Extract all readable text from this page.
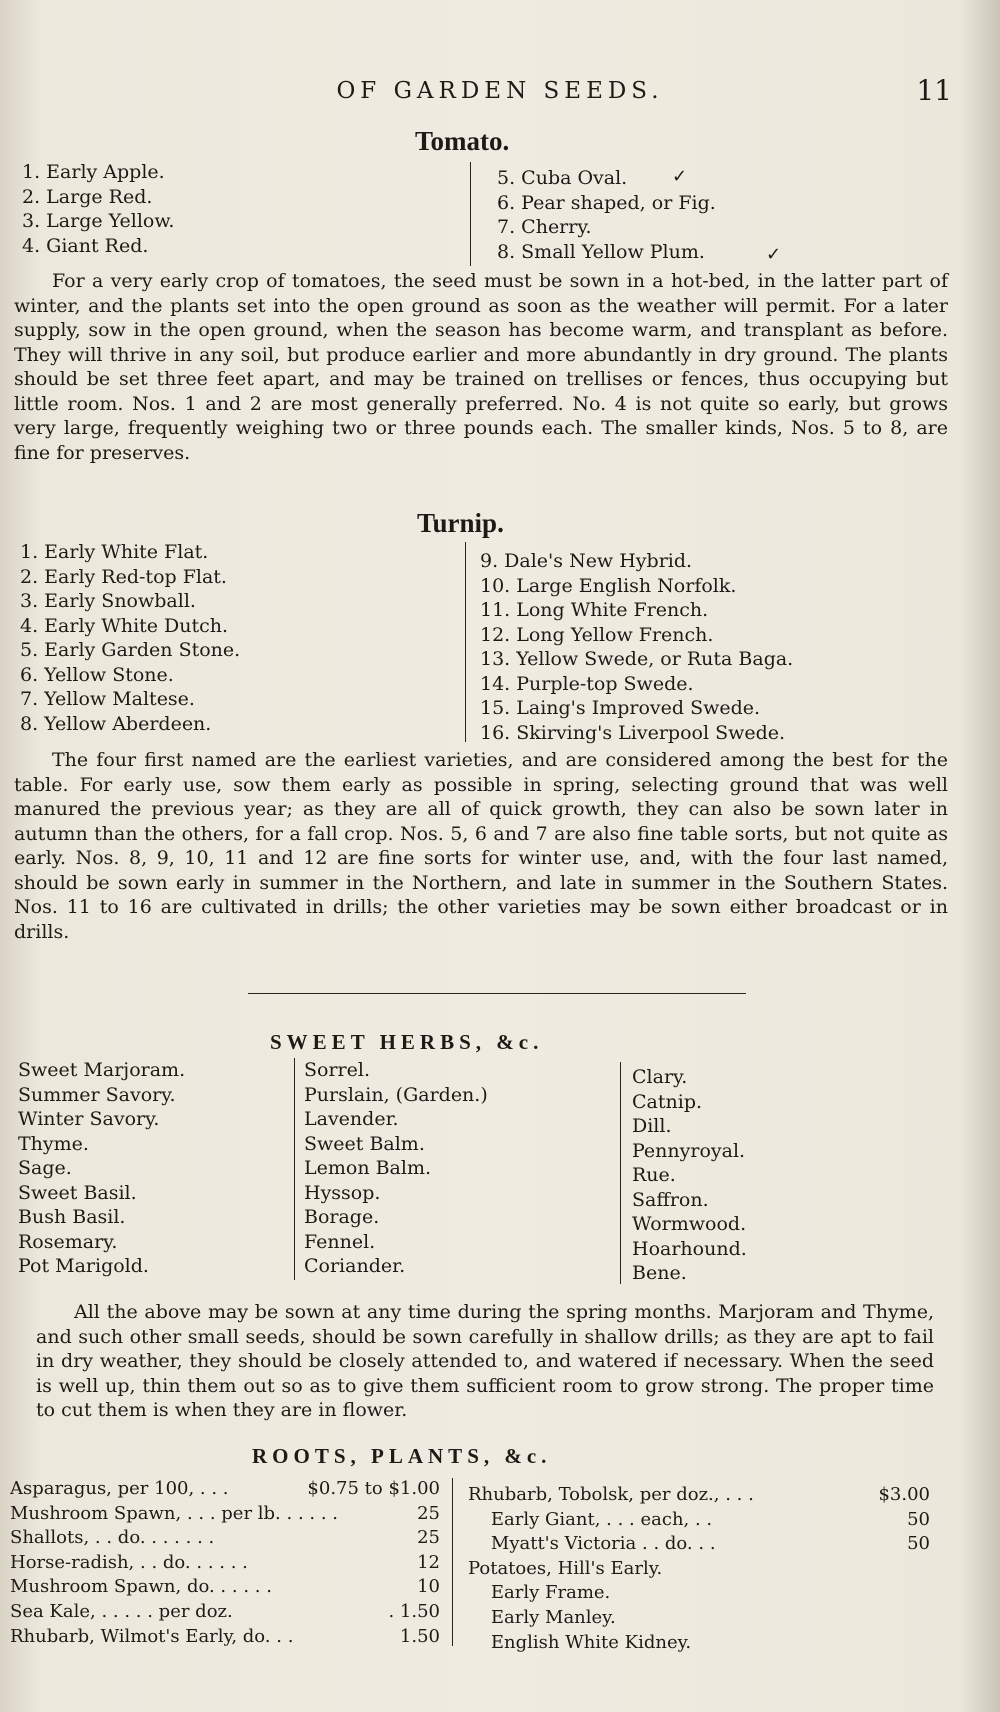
OF GARDEN SEEDS.	11
Tomato.
1. Early Apple.
2. Large Red.
3. Large Yellow.
4. Giant Red.
5. Cuba Oval.
6. Pear shaped, or Fig.
7. Cherry.
8. Small Yellow Plum.
✓
✓

For a very early crop of tomatoes, the seed must be sown in a hot-bed, in the latter part of winter, and the plants set into the open ground as soon as the weather will permit. For a later supply, sow in the open ground, when the season has become warm, and transplant as before. They will thrive in any soil, but produce earlier and more abundantly in dry ground. The plants should be set three feet apart, and may be trained on trellises or fences, thus occupying but little room. Nos. 1 and 2 are most generally preferred. No. 4 is not quite so early, but grows very large, frequently weighing two or three pounds each. The smaller kinds, Nos. 5 to 8, are fine for preserves.

Turnip.
1. Early White Flat.
2. Early Red-top Flat.
3. Early Snowball.
4. Early White Dutch.
5. Early Garden Stone.
6. Yellow Stone.
7. Yellow Maltese.
8. Yellow Aberdeen.
9. Dale's New Hybrid.
10. Large English Norfolk.
11. Long White French.
12. Long Yellow French.
13. Yellow Swede, or Ruta Baga.
14. Purple-top Swede.
15. Laing's Improved Swede.
16. Skirving's Liverpool Swede.

The four first named are the earliest varieties, and are considered among the best for the table. For early use, sow them early as possible in spring, selecting ground that was well manured the previous year; as they are all of quick growth, they can also be sown later in autumn than the others, for a fall crop. Nos. 5, 6 and 7 are also fine table sorts, but not quite as early. Nos. 8, 9, 10, 11 and 12 are fine sorts for winter use, and, with the four last named, should be sown early in summer in the Northern, and late in summer in the Southern States. Nos. 11 to 16 are cultivated in drills; the other varieties may be sown either broadcast or in drills.

SWEET HERBS, &c.
Sweet Marjoram.
Summer Savory.
Winter Savory.
Thyme.
Sage.
Sweet Basil.
Bush Basil.
Rosemary.
Pot Marigold.
Sorrel.
Purslain, (Garden.)
Lavender.
Sweet Balm.
Lemon Balm.
Hyssop.
Borage.
Fennel.
Coriander.
Clary.
Catnip.
Dill.
Pennyroyal.
Rue.
Saffron.
Wormwood.
Hoarhound.
Bene.

All the above may be sown at any time during the spring months. Marjoram and Thyme, and such other small seeds, should be sown carefully in shallow drills; as they are apt to fail in dry weather, they should be closely attended to, and watered if necessary. When the seed is well up, thin them out so as to give them sufficient room to grow strong. The proper time to cut them is when they are in flower.

ROOTS, PLANTS, &c.
Asparagus, per 100, . . .	$0.75 to $1.00
Mushroom Spawn, . . . per lb. . . . . .	25
Shallots, . . do. . . . . . .	25
Horse-radish, . . do. . . . . .	12
Mushroom Spawn, do. . . . . .	10
Sea Kale, . . . . . per doz.	. 1.50
Rhubarb, Wilmot's Early, do. . .	1.50
Rhubarb, Tobolsk, per doz., . . .	$3.00
Early Giant, . . . each, . .	50
Myatt's Victoria . . do. . .	50
Potatoes, Hill's Early.
Early Frame.
Early Manley.
English White Kidney.
